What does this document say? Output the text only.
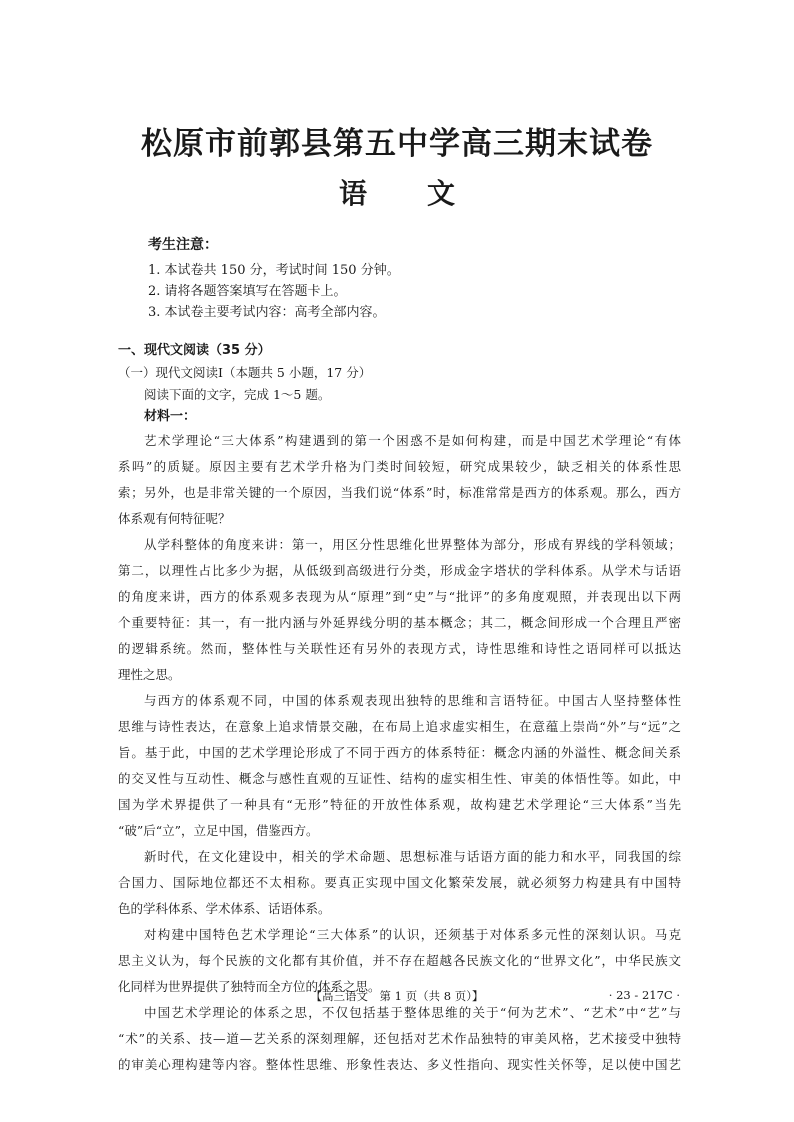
松原市前郭县第五中学高三期末试卷
语 文
考生注意：
1. 本试卷共 150 分，考试时间 150 分钟。
2. 请将各题答案填写在答题卡上。
3. 本试卷主要考试内容：高考全部内容。
一、现代文阅读（35 分）
（一）现代文阅读Ⅰ（本题共 5 小题，17 分）
阅读下面的文字，完成 1～5 题。
材料一：

艺术学理论“三大体系”构建遇到的第一个困惑不是如何构建，而是中国艺术学理论“有体

系吗”的质疑。原因主要有艺术学升格为门类时间较短，研究成果较少，缺乏相关的体系性思

索；另外，也是非常关键的一个原因，当我们说“体系”时，标准常常是西方的体系观。那么，西方

体系观有何特征呢？

从学科整体的角度来讲：第一，用区分性思维化世界整体为部分，形成有界线的学科领域；

第二，以理性占比多少为据，从低级到高级进行分类，形成金字塔状的学科体系。从学术与话语

的角度来讲，西方的体系观多表现为从“原理”到“史”与“批评”的多角度观照，并表现出以下两

个重要特征：其一，有一批内涵与外延界线分明的基本概念；其二，概念间形成一个合理且严密

的逻辑系统。然而，整体性与关联性还有另外的表现方式，诗性思维和诗性之语同样可以抵达

理性之思。

与西方的体系观不同，中国的体系观表现出独特的思维和言语特征。中国古人坚持整体性

思维与诗性表达，在意象上追求情景交融，在布局上追求虚实相生，在意蕴上崇尚“外”与“远”之

旨。基于此，中国的艺术学理论形成了不同于西方的体系特征：概念内涵的外溢性、概念间关系

的交叉性与互动性、概念与感性直观的互证性、结构的虚实相生性、审美的体悟性等。如此，中

国为学术界提供了一种具有“无形”特征的开放性体系观，故构建艺术学理论“三大体系”当先

“破”后“立”，立足中国，借鉴西方。

新时代，在文化建设中，相关的学术命题、思想标准与话语方面的能力和水平，同我国的综

合国力、国际地位都还不太相称。要真正实现中国文化繁荣发展，就必须努力构建具有中国特

色的学科体系、学术体系、话语体系。

对构建中国特色艺术学理论“三大体系”的认识，还须基于对体系多元性的深刻认识。马克

思主义认为，每个民族的文化都有其价值，并不存在超越各民族文化的“世界文化”，中华民族文

化同样为世界提供了独特而全方位的体系之思。

中国艺术学理论的体系之思，不仅包括基于整体思维的关于“何为艺术”、“艺术”中“艺”与

“术”的关系、技—道—艺关系的深刻理解，还包括对艺术作品独特的审美风格，艺术接受中独特

的审美心理构建等内容。整体性思维、形象性表达、多义性指向、现实性关怀等，足以使中国艺

【高三语文　第 1 页（共 8 页）】	· 23 - 217C ·
